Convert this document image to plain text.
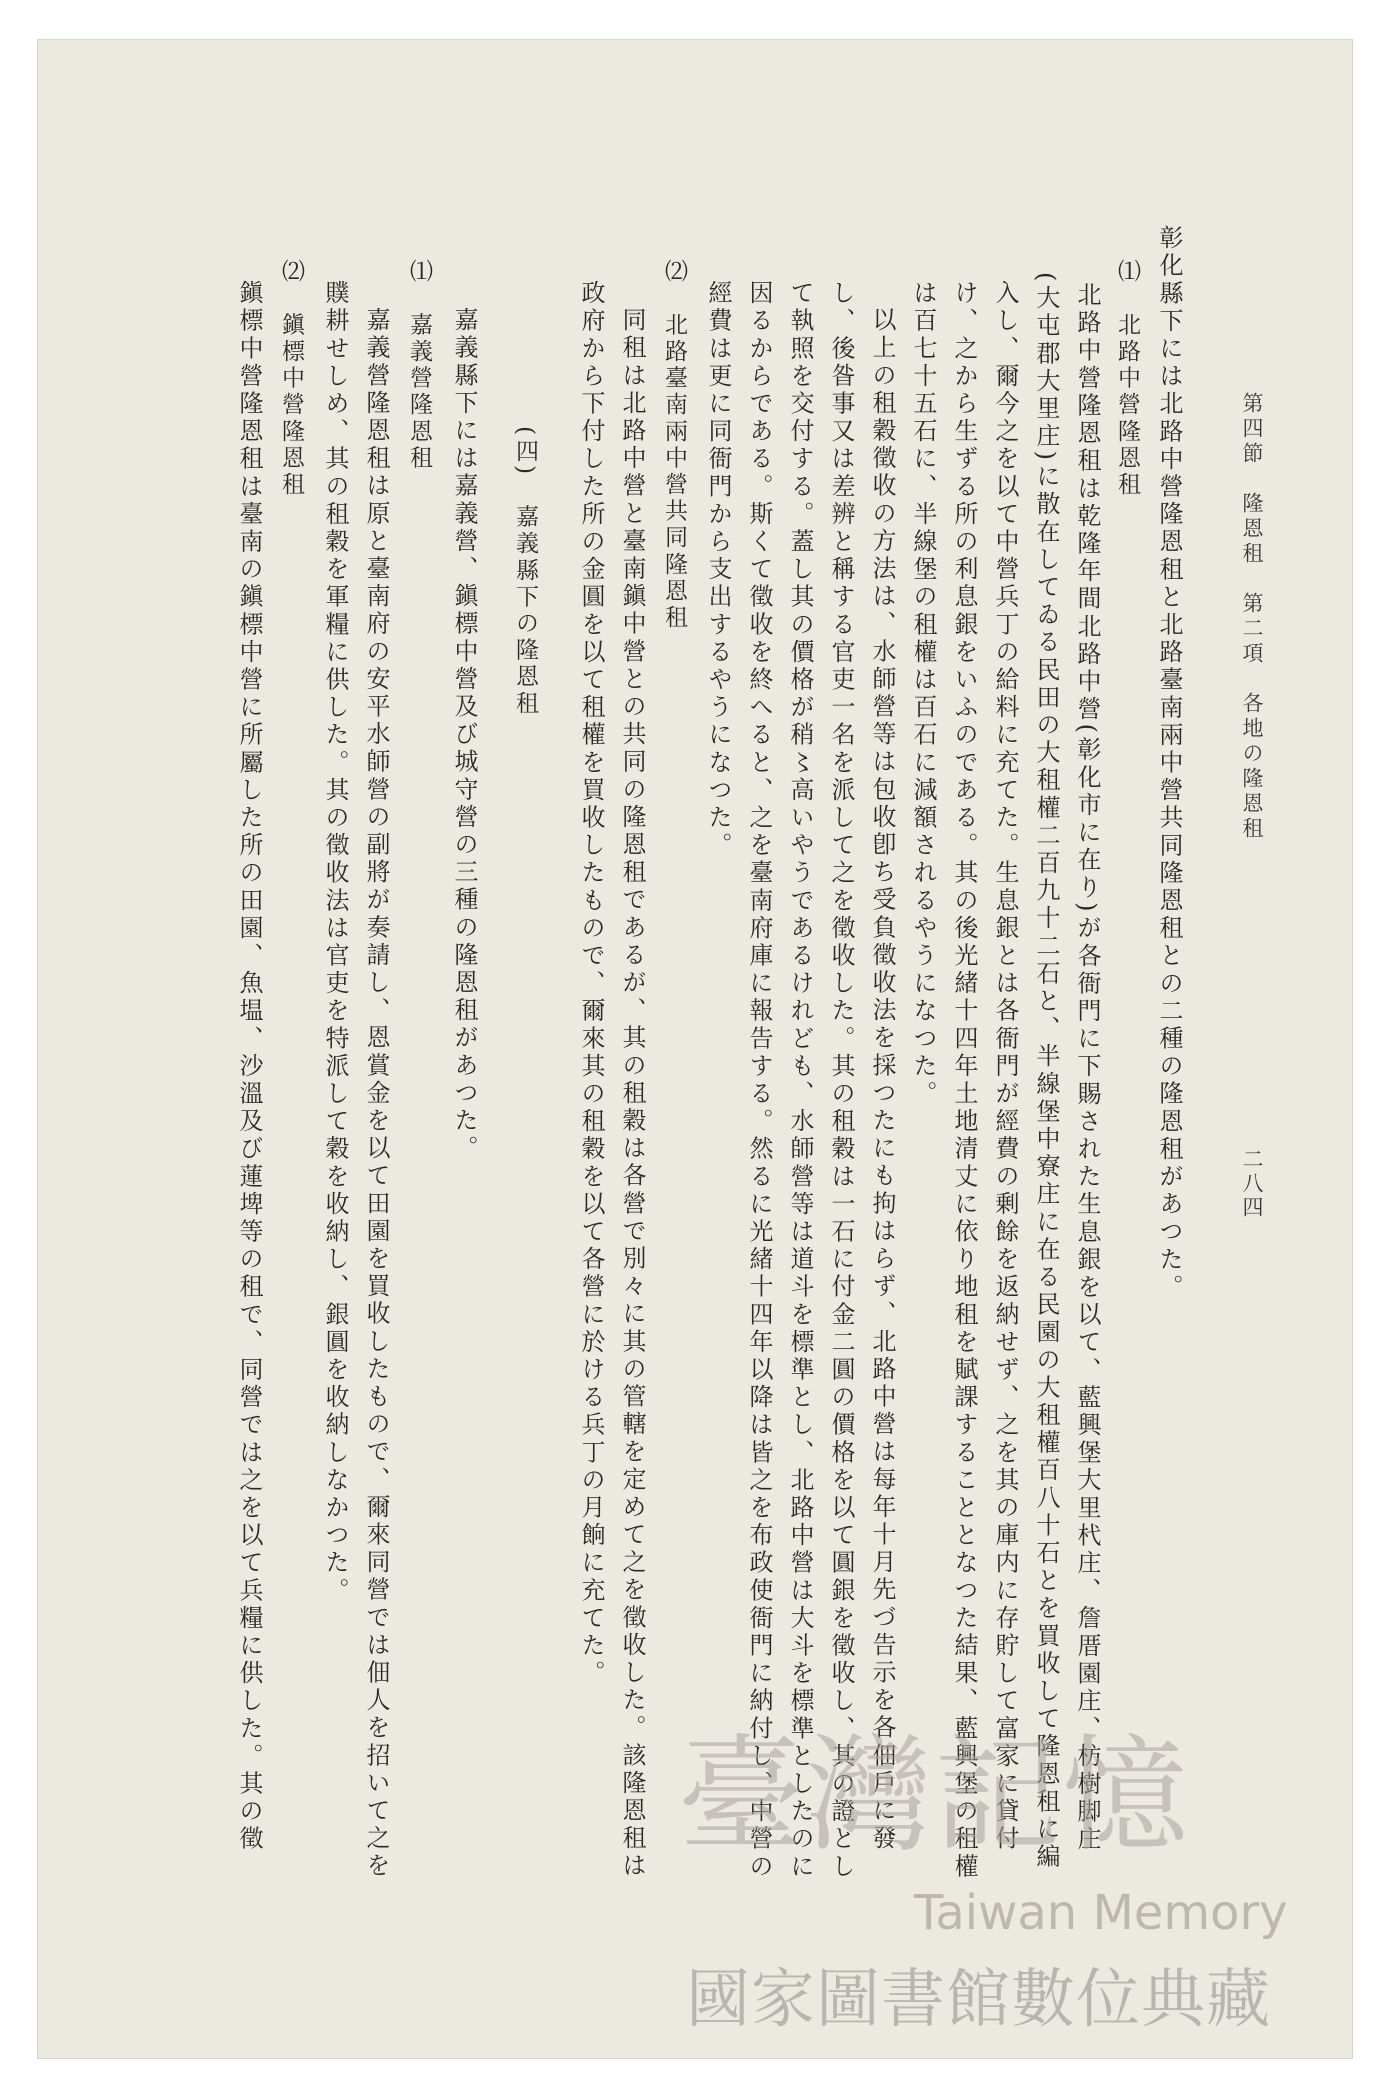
第四節　隆恩租　第二項　各地の隆恩租
二八四
彰化縣下には北路中營隆恩租と北路臺南兩中營共同隆恩租との二種の隆恩租があつた。
⑴　北路中營隆恩租
北路中營隆恩租は乾隆年間北路中營(彰化市に在り)が各衙門に下賜された生息銀を以て、藍興堡大里杙庄、詹厝園庄、枋樹脚庄
(大屯郡大里庄)に散在してゐる民田の大租權二百九十二石と、半線堡中寮庄に在る民園の大租權百八十石とを買收して隆恩租に編
入し、爾今之を以て中營兵丁の給料に充てた。生息銀とは各衙門が經費の剰餘を返納せず、之を其の庫内に存貯して富家に貸付
け、之から生ずる所の利息銀をいふのである。其の後光緒十四年土地清丈に依り地租を賦課することとなつた結果、藍興堡の租權
は百七十五石に、半線堡の租權は百石に減額されるやうになつた。
以上の租穀徵收の方法は、水師營等は包收卽ち受負徵收法を採つたにも拘はらず、北路中營は每年十月先づ告示を各佃戶に發
し、後昝事又は差辨と稱する官吏一名を派して之を徵收した。其の租穀は一石に付金二圓の價格を以て圓銀を徵收し、其の證とし
て執照を交付する。蓋し其の價格が稍〻高いやうであるけれども、水師營等は道斗を標準とし、北路中營は大斗を標準としたのに
因るからである。斯くて徵收を終へると、之を臺南府庫に報告する。然るに光緒十四年以降は皆之を布政使衙門に納付し、中營の
經費は更に同衙門から支出するやうになつた。
⑵　北路臺南兩中營共同隆恩租
同租は北路中營と臺南鎭中營との共同の隆恩租であるが、其の租穀は各營で別々に其の管轄を定めて之を徵收した。該隆恩租は
政府から下付した所の金圓を以て租權を買收したもので、爾來其の租穀を以て各營に於ける兵丁の月餉に充てた。
(四)　嘉義縣下の隆恩租
嘉義縣下には嘉義營、鎭標中營及び城守營の三種の隆恩租があつた。
⑴　嘉義營隆恩租
嘉義營隆恩租は原と臺南府の安平水師營の副將が奏請し、恩賞金を以て田園を買收したもので、爾來同營では佃人を招いて之を
贌耕せしめ、其の租穀を軍糧に供した。其の徵收法は官吏を特派して穀を收納し、銀圓を收納しなかつた。
⑵　鎭標中營隆恩租
鎭標中營隆恩租は臺南の鎭標中營に所屬した所の田園、魚塭、沙溫及び蓮埤等の租で、同營では之を以て兵糧に供した。其の徵	臺灣記憶
Taiwan Memory
國家圖書館數位典藏
